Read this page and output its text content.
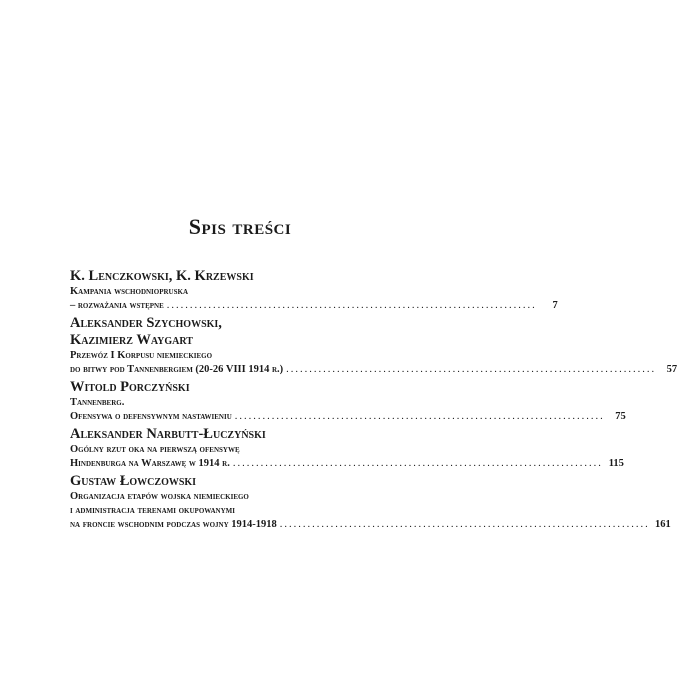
Spis treści
K. Lenczkowski, K. Krzewski
Kampania wschodniopruska
– rozważania wstępne ................................................................................	7
Aleksander Szychowski,
Kazimierz Waygart
Przewóz I Korpusu niemieckiego
do bitwy pod Tannenbergiem (20-26 VIII 1914 r.) ................................................................................	57
Witold Porczyński
Tannenberg.
Ofensywa o defensywnym nastawieniu ................................................................................	75
Aleksander Narbutt-Łuczyński
Ogólny rzut oka na pierwszą ofensywę
Hindenburga na Warszawę w 1914 r. ................................................................................ 115
Gustaw Łowczowski
Organizacja etapów wojska niemieckiego
i administracja terenami okupowanymi
na froncie wschodnim podczas wojny 1914-1918 ................................................................................ 161
